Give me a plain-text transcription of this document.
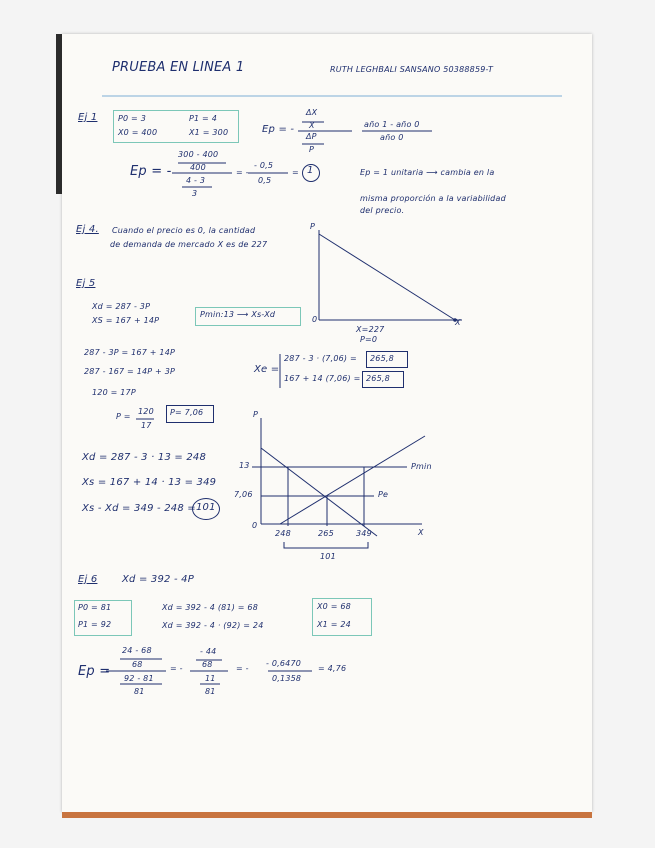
PRUEBA EN LINEA 1	RUTH LEGHBALI SANSANO 50388859-T
Ej 1	P0 = 3	P1 = 4
X0 = 400	X1 = 300	Ep = -
ΔX
X
ΔP
P
año 1 - año 0
año 0
Ep = -
300 - 400
400
4 - 3
3
= -
- 0,5
0,5
= 1	Ep = 1 unitaria ⟶ cambia en la
misma proporción a la variabilidad
del precio.
Ej 4. Cuando el precio es 0, la cantidad
de demanda de mercado X es de 227
P
X
0
X=227
P=0
Ej 5
Xd = 287 - 3P
XS = 167 + 14P
Pmin:13 ⟶ Xs-Xd
287 - 3P = 167 + 14P
287 - 167 = 14P + 3P
120 = 17P
P =
120
17
P= 7,06
Xe =
287 - 3 · (7,06) = 265,8
167 + 14 (7,06) = 265,8
Xd = 287 - 3 · 13 = 248
Xs = 167 + 14 · 13 = 349
Xs - Xd = 349 - 248 = 101
P
13
7,06
0
248	265	349	X
Pmin
Pe
101
Ej 6 Xd = 392 - 4P
P0 = 81
P1 = 92
Xd = 392 - 4 (81) = 68
Xd = 392 - 4 · (92) = 24
X0 = 68
X1 = 24
Ep =
24 - 68
68
92 - 81
81
= -
- 44
68
11
81
= -
- 0,6470
0,1358
= 4,76
